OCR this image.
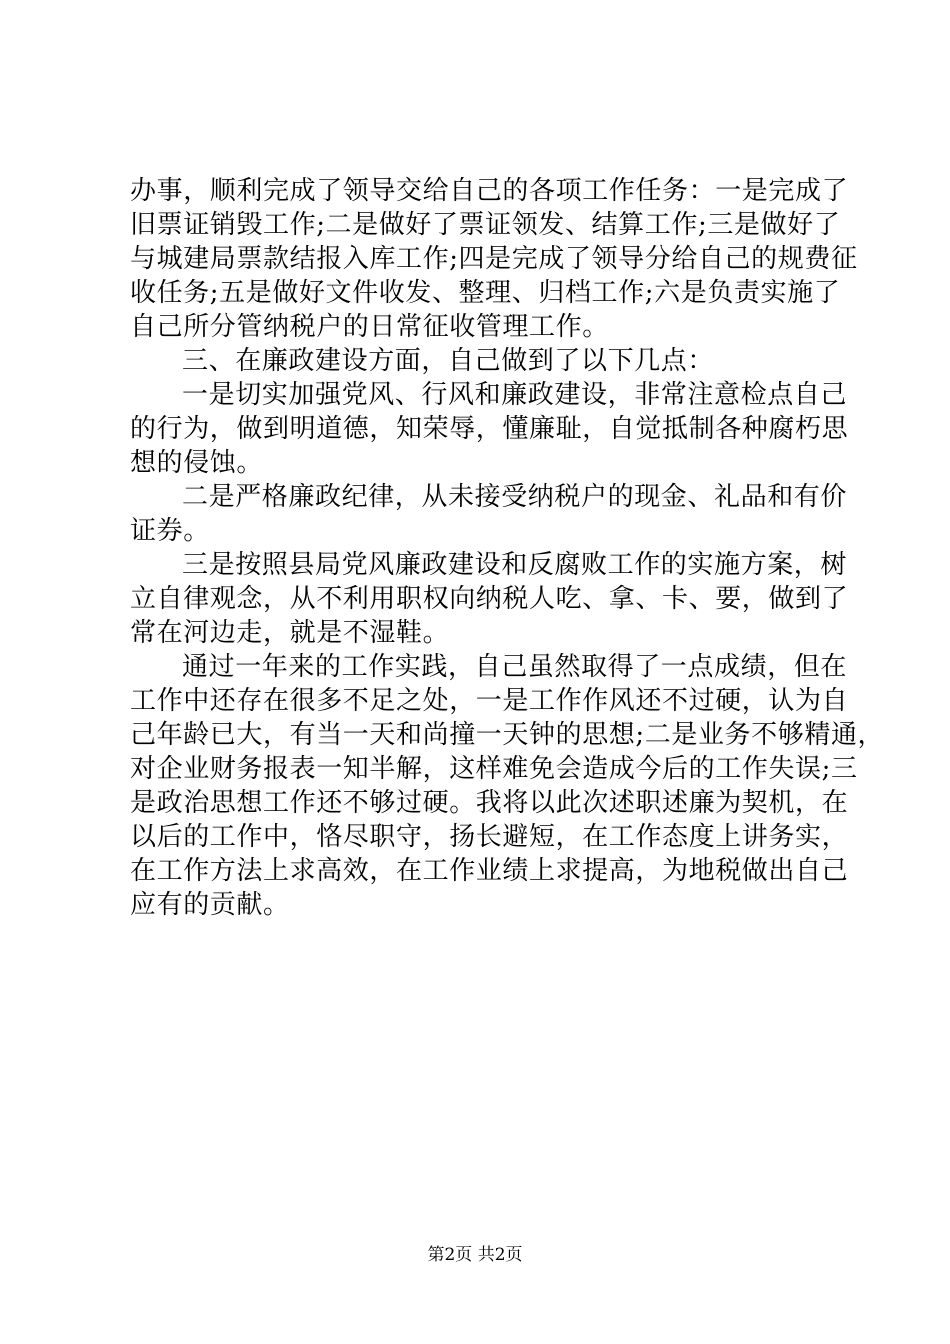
办事，顺利完成了领导交给自己的各项工作任务：一是完成了
旧票证销毁工作;二是做好了票证领发、结算工作;三是做好了
与城建局票款结报入库工作;四是完成了领导分给自己的规费征
收任务;五是做好文件收发、整理、归档工作;六是负责实施了
自己所分管纳税户的日常征收管理工作。
三、在廉政建设方面，自己做到了以下几点：
一是切实加强党风、行风和廉政建设，非常注意检点自己
的行为，做到明道德，知荣辱，懂廉耻，自觉抵制各种腐朽思
想的侵蚀。
二是严格廉政纪律，从未接受纳税户的现金、礼品和有价
证券。
三是按照县局党风廉政建设和反腐败工作的实施方案，树
立自律观念，从不利用职权向纳税人吃、拿、卡、要，做到了
常在河边走，就是不湿鞋。
通过一年来的工作实践，自己虽然取得了一点成绩，但在
工作中还存在很多不足之处，一是工作作风还不过硬，认为自
己年龄已大，有当一天和尚撞一天钟的思想;二是业务不够精通，
对企业财务报表一知半解，这样难免会造成今后的工作失误;三
是政治思想工作还不够过硬。我将以此次述职述廉为契机，在
以后的工作中，恪尽职守，扬长避短，在工作态度上讲务实，
在工作方法上求高效，在工作业绩上求提高，为地税做出自己
应有的贡献。
第2页 共2页
